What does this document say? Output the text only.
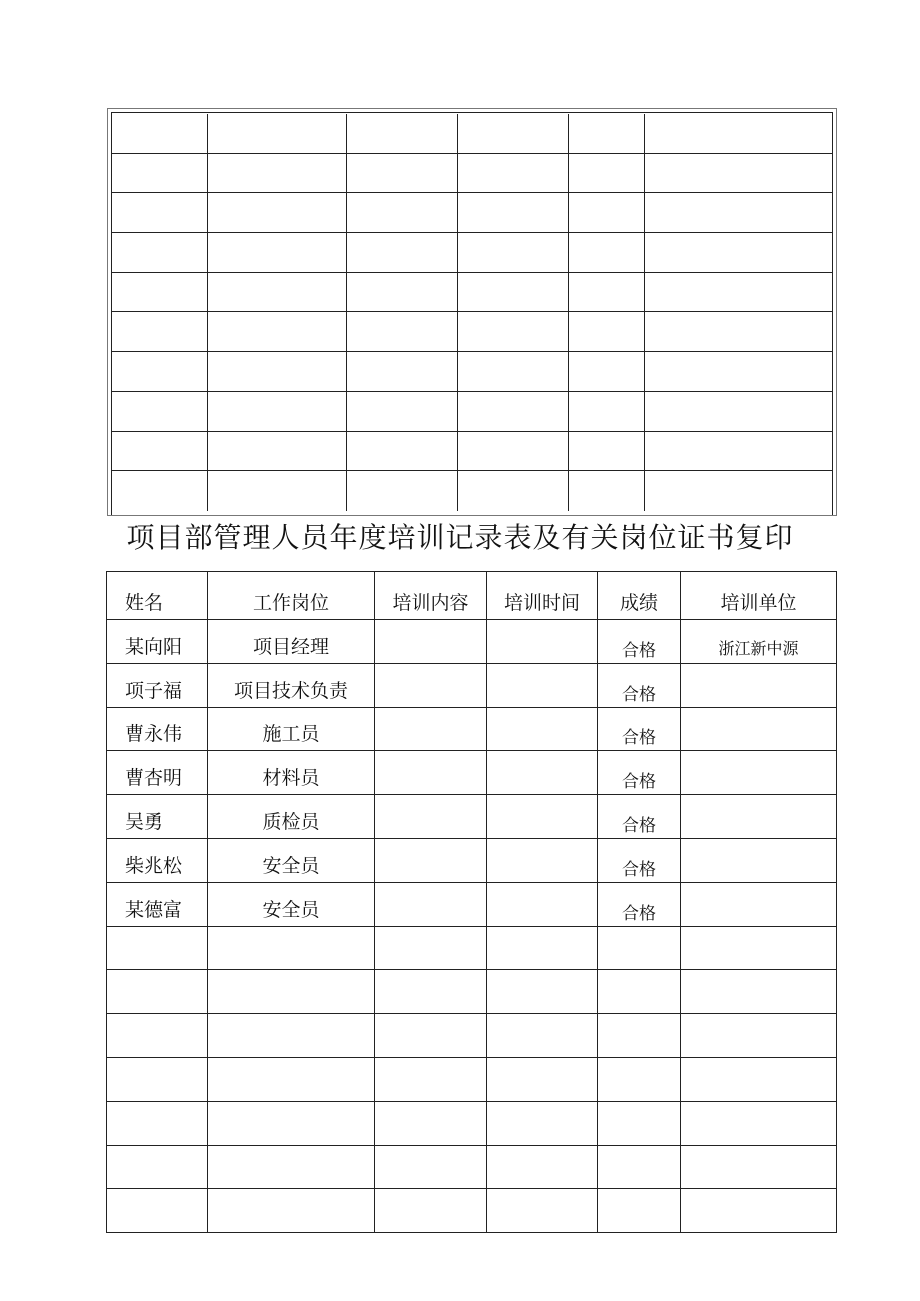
项目部管理人员年度培训记录表及有关岗位证书复印
姓名	工作岗位	培训内容	培训时间	成绩	培训单位
某向阳	项目经理			合格	浙江新中源
项子福	项目技术负责			合格	
曹永伟	施工员			合格	
曹杏明	材料员			合格	
吴勇	质检员			合格	
柴兆松	安全员			合格	
某德富	安全员			合格	
